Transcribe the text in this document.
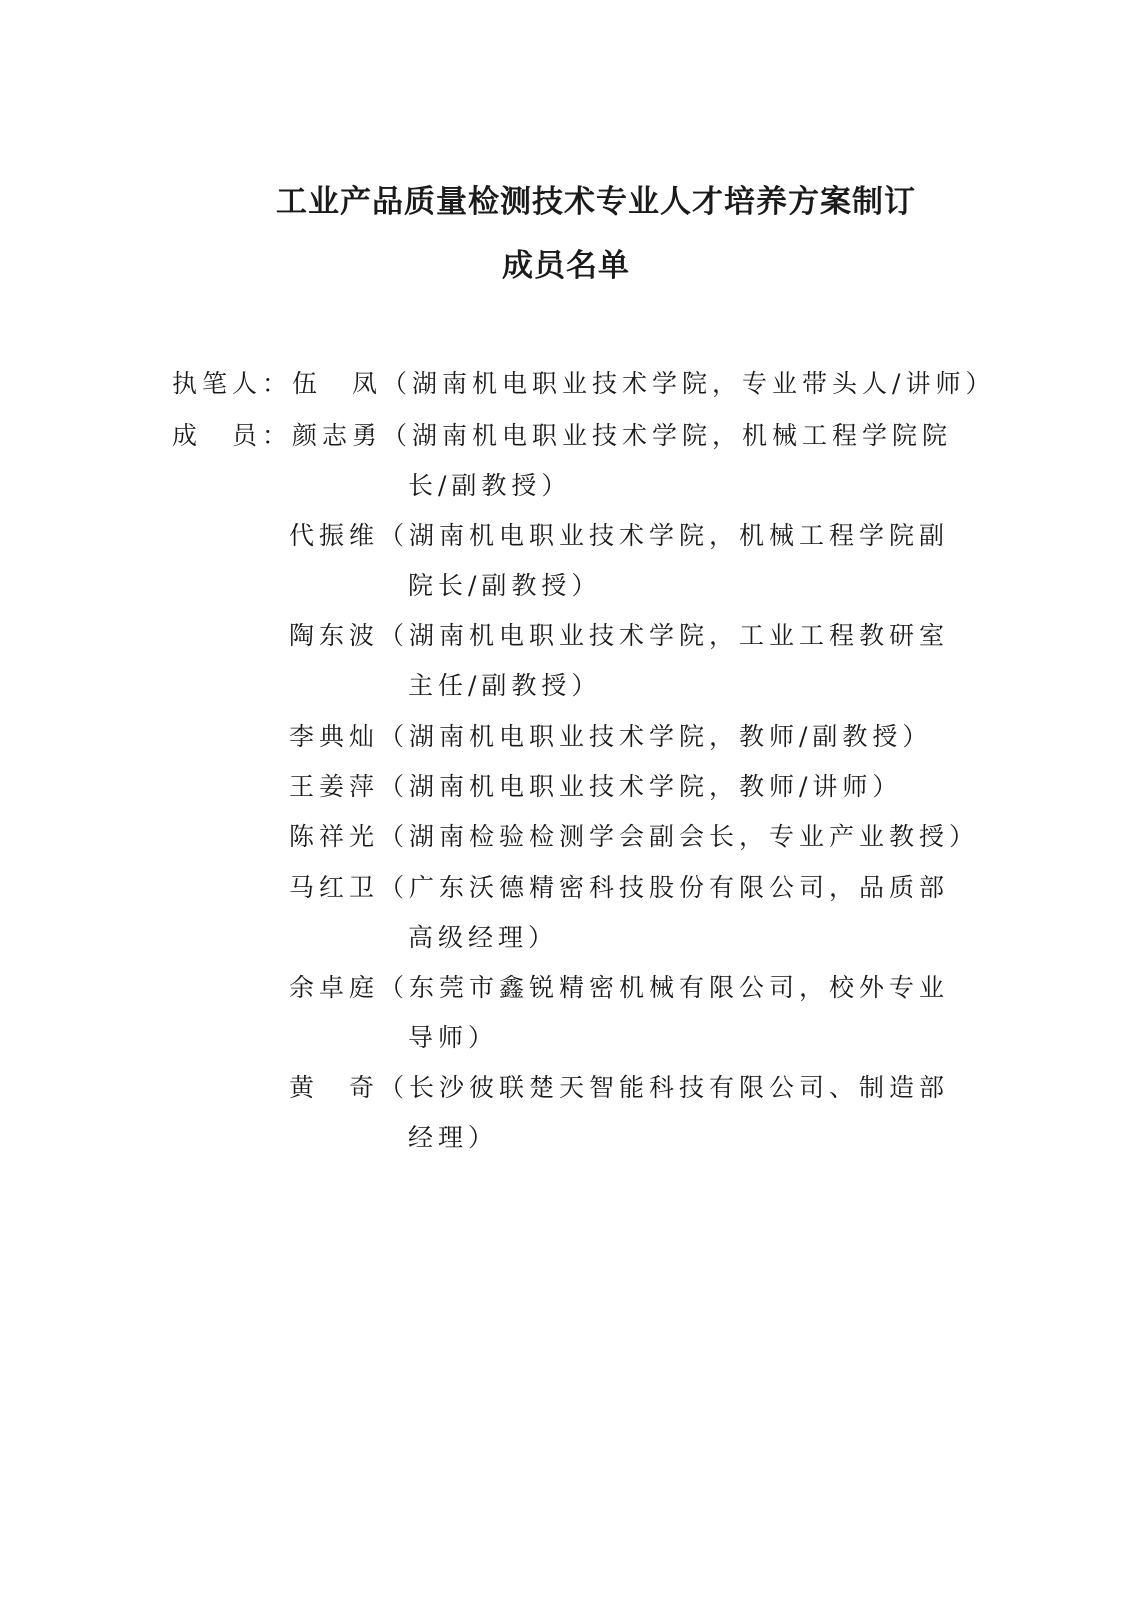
工业产品质量检测技术专业人才培养方案制订
成员名单
执笔人：伍　凤（湖南机电职业技术学院，专业带头人/讲师）
成　员：颜志勇（湖南机电职业技术学院，机械工程学院院
长/副教授）
代振维（湖南机电职业技术学院，机械工程学院副
院长/副教授）
陶东波（湖南机电职业技术学院，工业工程教研室
主任/副教授）
李典灿（湖南机电职业技术学院，教师/副教授）
王姜萍（湖南机电职业技术学院，教师/讲师）
陈祥光（湖南检验检测学会副会长，专业产业教授）
马红卫（广东沃德精密科技股份有限公司，品质部
高级经理）
余卓庭（东莞市鑫锐精密机械有限公司，校外专业
导师）
黄　奇（长沙彼联楚天智能科技有限公司、制造部
经理）
